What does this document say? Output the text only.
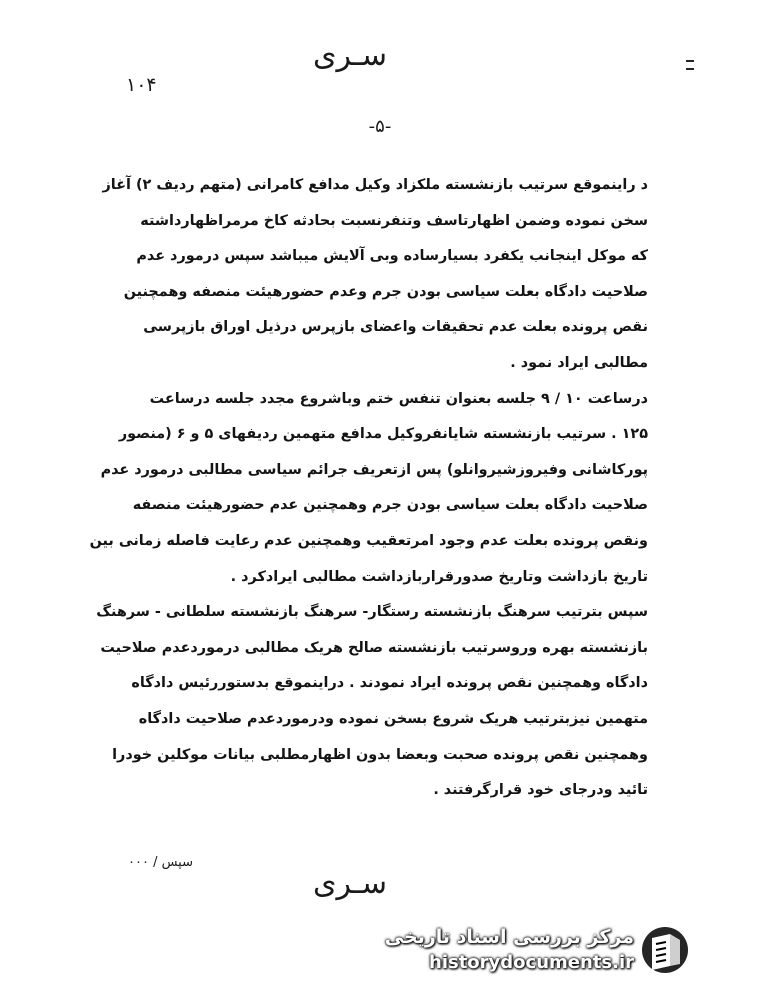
سـری
۱۰۴
-۵-
د راینموقع سرتیب بازنشسته ملکزاد وکیل مدافع کامرانی (متهم ردیف ۲) آغاز
سخن نموده وضمن اظهارتاسف وتنفرنسبت بحادثه کاخ مرمراظهارداشته
که موکل اینجانب یکفرد بسیارساده وبی آلایش میباشد سپس درمورد عدم
صلاحیت دادگاه بعلت سیاسی بودن جرم وعدم حضورهیئت منصفه وهمچنین
نقص پرونده بعلت عدم تحقیقات واعضای بازپرس درذیل اوراق بازپرسی
مطالبی ایراد نمود .
درساعت ۱۰ / ۹ جلسه بعنوان تنفس ختم وباشروع مجدد جلسه درساعت
۱۲۵ . سرتیب بازنشسته شایانفروکیل مدافع متهمین ردیفهای ۵ و ۶ (منصور
پورکاشانی وفیروزشیروانلو) پس ازتعریف جرائم سیاسی مطالبی درمورد عدم
صلاحیت دادگاه بعلت سیاسی بودن جرم وهمچنین عدم حضورهیئت منصفه
ونقص پرونده بعلت عدم وجود امرتعقیب وهمچنین عدم رعایت فاصله زمانی بین
تاریخ بازداشت وتاریخ صدورقراربازداشت مطالبی ایرادکرد .
سپس بترتیب سرهنگ بازنشسته رستگار- سرهنگ بازنشسته سلطانی - سرهنگ
بازنشسته بهره وروسرتیب بازنشسته صالح هریک مطالبی درموردعدم صلاحیت
دادگاه وهمچنین نقص پرونده ایراد نمودند . دراینموقع بدستوررئیس دادگاه
متهمین نیزبترتیب هریک شروع بسخن نموده ودرموردعدم صلاحیت دادگاه
وهمچنین نقص پرونده صحبت وبعضا بدون اظهارمطلبی بیانات موکلین خودرا
تائید ودرجای خود قرارگرفتند .
سپس / ۰۰۰
سـری
مرکز بررسی اسناد تاریخی
historydocuments.ir
